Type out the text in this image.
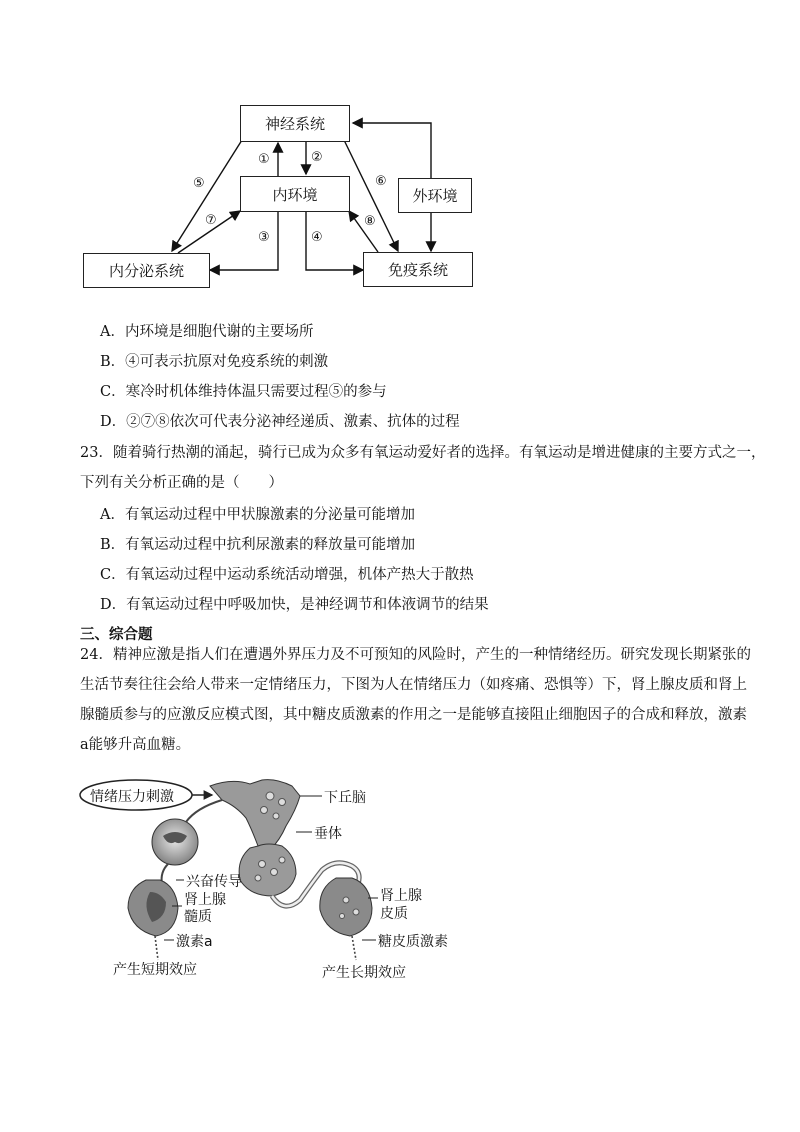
神经系统
内环境	外环境
内分泌系统	免疫系统
①	②
③	④
⑤	⑥
⑦	⑧
A．内环境是细胞代谢的主要场所
B．④可表示抗原对免疫系统的刺激
C．寒冷时机体维持体温只需要过程⑤的参与
D．②⑦⑧依次可代表分泌神经递质、激素、抗体的过程
23．随着骑行热潮的涌起，骑行已成为众多有氧运动爱好者的选择。有氧运动是增进健康的主要方式之一，
下列有关分析正确的是（　　）
A．有氧运动过程中甲状腺激素的分泌量可能增加
B．有氧运动过程中抗利尿激素的释放量可能增加
C．有氧运动过程中运动系统活动增强，机体产热大于散热
D．有氧运动过程中呼吸加快，是神经调节和体液调节的结果
三、综合题
24．精神应激是指人们在遭遇外界压力及不可预知的风险时，产生的一种情绪经历。研究发现长期紧张的
生活节奏往往会给人带来一定情绪压力，下图为人在情绪压力（如疼痛、恐惧等）下，肾上腺皮质和肾上
腺髓质参与的应激反应模式图，其中糖皮质激素的作用之一是能够直接阻止细胞因子的合成和释放，激素
a能够升高血糖。
情绪压力刺激	下丘脑
垂体
兴奋传导
肾上腺
髓质
激素a
产生短期效应
肾上腺
皮质
糖皮质激素
产生长期效应
